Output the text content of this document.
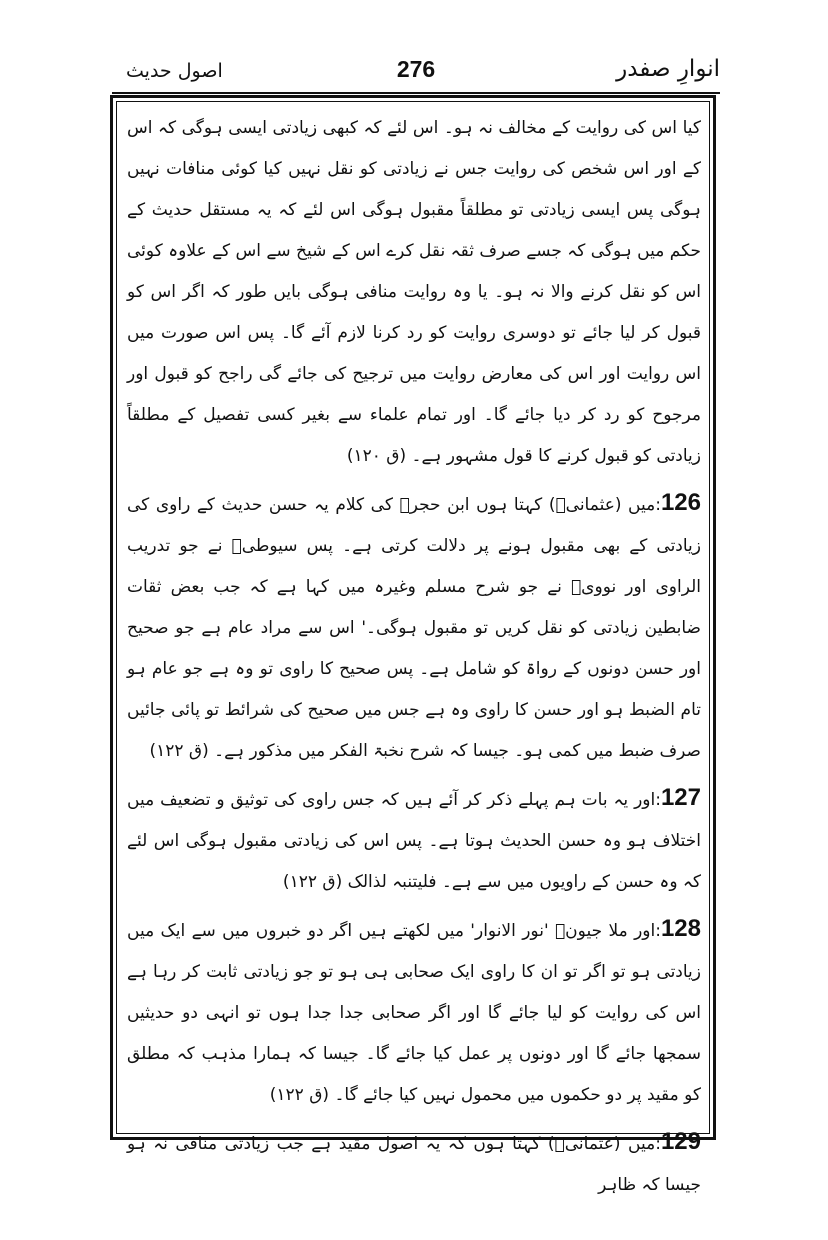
انوارِ صفدر
276
اصول حدیث

کیا اس کی روایت کے مخالف نہ ہو۔ اس لئے کہ کبھی زیادتی ایسی ہوگی کہ اس کے اور اس شخص کی روایت جس نے زیادتی کو نقل نہیں کیا کوئی منافات نہیں ہوگی پس ایسی زیادتی تو مطلقاً مقبول ہوگی اس لئے کہ یہ مستقل حدیث کے حکم میں ہوگی کہ جسے صرف ثقہ نقل کرے اس کے شیخ سے اس کے علاوہ کوئی اس کو نقل کرنے والا نہ ہو۔ یا وہ روایت منافی ہوگی بایں طور کہ اگر اس کو قبول کر لیا جائے تو دوسری روایت کو رد کرنا لازم آئے گا۔ پس اس صورت میں اس روایت اور اس کی معارض روایت میں ترجیح کی جائے گی راجح کو قبول اور مرجوح کو رد کر دیا جائے گا۔ اور تمام علماء سے بغیر کسی تفصیل کے مطلقاً زیادتی کو قبول کرنے کا قول مشہور ہے۔ (ق ۱۲۰)

126:میں (عثمانیؒ) کہتا ہوں ابن حجرؒ کی کلام یہ حسن حدیث کے راوی کی زیادتی کے بھی مقبول ہونے پر دلالت کرتی ہے۔ پس سیوطیؒ نے جو تدریب الراوی اور نوویؒ نے جو شرح مسلم وغیرہ میں کہا ہے کہ جب بعض ثقات ضابطین زیادتی کو نقل کریں تو مقبول ہوگی۔' اس سے مراد عام ہے جو صحیح اور حسن دونوں کے رواۃ کو شامل ہے۔ پس صحیح کا راوی تو وہ ہے جو عام ہو تام الضبط ہو اور حسن کا راوی وہ ہے جس میں صحیح کی شرائط تو پائی جائیں صرف ضبط میں کمی ہو۔ جیسا کہ شرح نخبۃ الفکر میں مذکور ہے۔ (ق ۱۲۲)

127:اور یہ بات ہم پہلے ذکر کر آئے ہیں کہ جس راوی کی توثیق و تضعیف میں اختلاف ہو وہ حسن الحدیث ہوتا ہے۔ پس اس کی زیادتی مقبول ہوگی اس لئے کہ وہ حسن کے راویوں میں سے ہے۔ فلیتنبہ لذالک (ق ۱۲۲)

128:اور ملا جیونؒ 'نور الانوار' میں لکھتے ہیں اگر دو خبروں میں سے ایک میں زیادتی ہو تو اگر تو ان کا راوی ایک صحابی ہی ہو تو جو زیادتی ثابت کر رہا ہے اس کی روایت کو لیا جائے گا اور اگر صحابی جدا جدا ہوں تو انہی دو حدیثیں سمجھا جائے گا اور دونوں پر عمل کیا جائے گا۔ جیسا کہ ہمارا مذہب کہ مطلق کو مقید پر دو حکموں میں محمول نہیں کیا جائے گا۔ (ق ۱۲۲)

129:میں (عثمانیؒ) کہتا ہوں کہ یہ اصول مقید ہے جب زیادتی منافی نہ ہو جیسا کہ ظاہر
